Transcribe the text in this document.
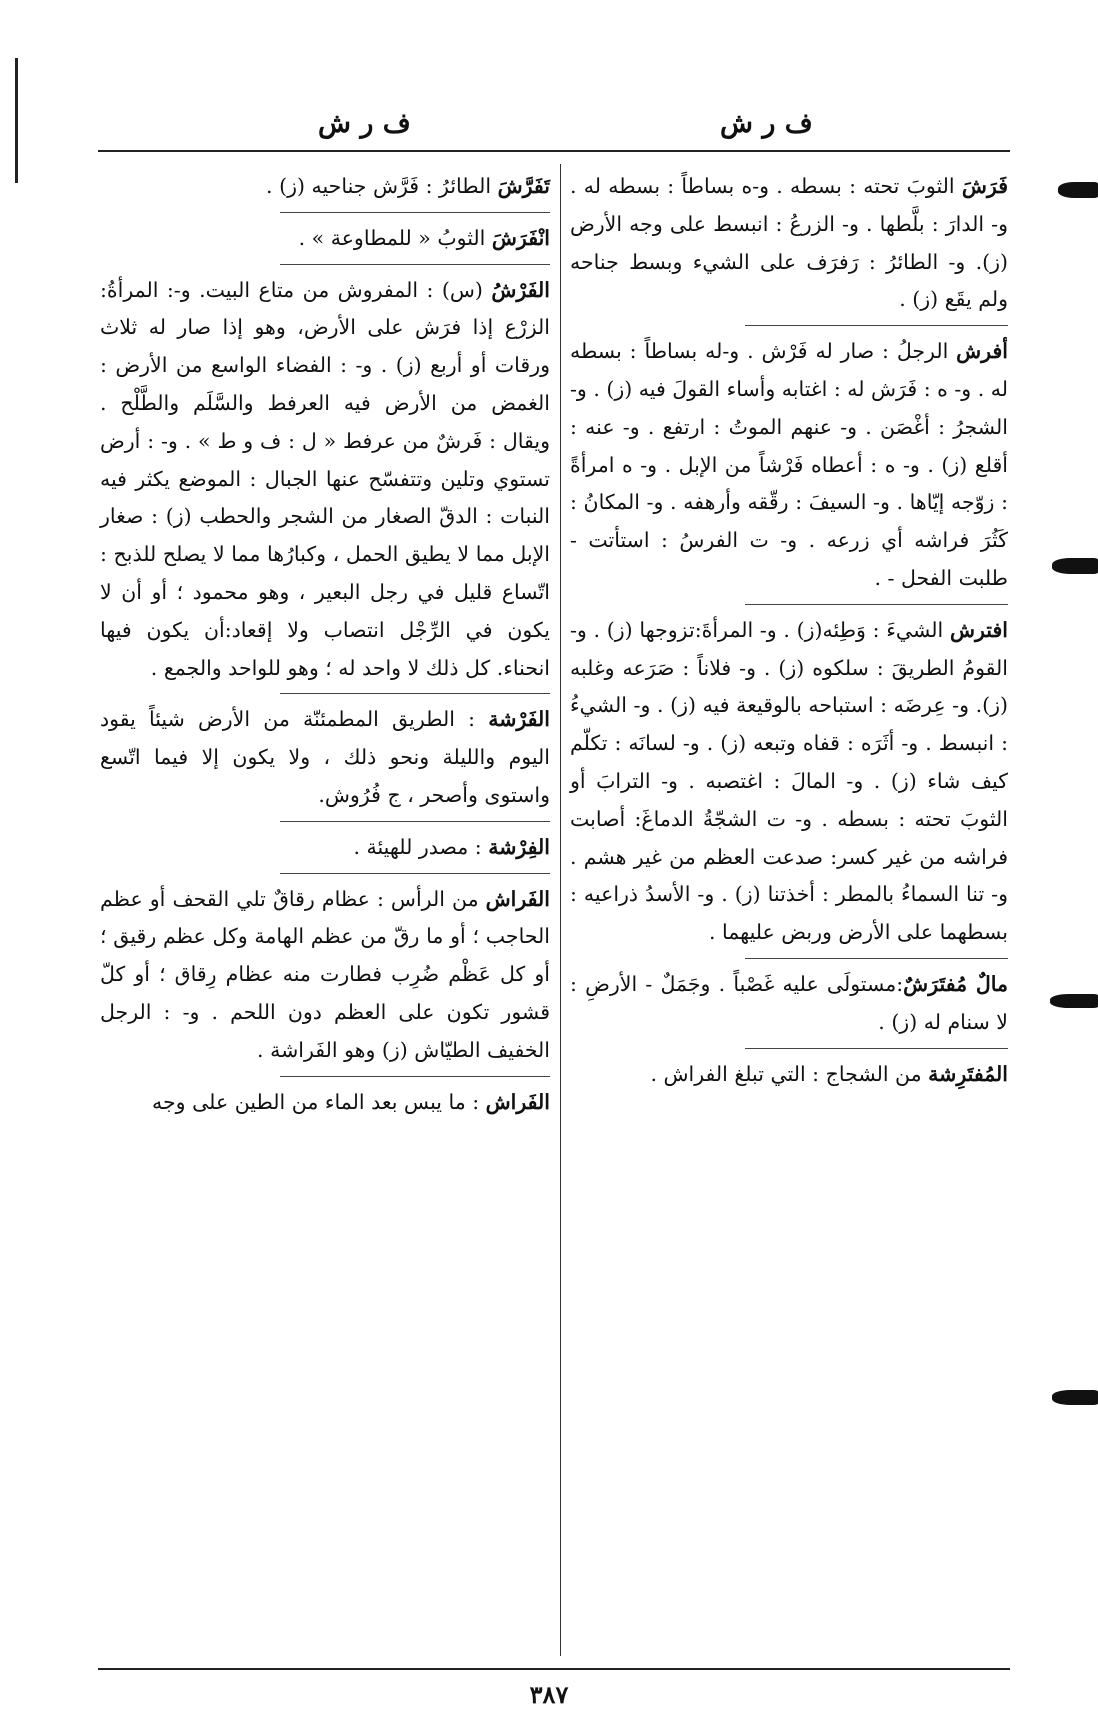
ف ر ش
ف ر ش

فَرَشَ الثوبَ تحته : بسطه . و-ه بساطاً : بسطه له . و- الدارَ : بلَّطها . و- الزرعُ : انبسط على وجه الأرض (ز). و- الطائرُ : رَفرَف على الشيء وبسط جناحه ولم يقَع (ز) .

أفرش الرجلُ : صار له فَرْش . و-له بساطاً : بسطه له . و- ه : فَرَش له : اغتابه وأساء القولَ فيه (ز) . و- الشجرُ : أغْصَن . و- عنهم الموتُ : ارتفع . و- عنه : أقلع (ز) . و- ه : أعطاه فَرْشاً من الإبل . و- ه امرأةً : زوّجه إيّاها . و- السيفَ : رقّقه وأرهفه . و- المكانُ : كَثُرَ فراشه أي زرعه . و- ت الفرسُ : استأتت - طلبت الفحل - .

افترش الشيءَ : وَطِئه(ز) . و- المرأةَ:تزوجها (ز) . و- القومُ الطريقَ : سلكوه (ز) . و- فلاناً : صَرَعه وغلبه (ز). و- عِرضَه : استباحه بالوقيعة فيه (ز) . و- الشيءُ : انبسط . و- أثَرَه : قفاه وتبعه (ز) . و- لسانَه : تكلّم كيف شاء (ز) . و- المالَ : اغتصبه . و- الترابَ أو الثوبَ تحته : بسطه . و- ت الشجّةُ الدماغَ: أصابت فراشه من غير كسر: صدعت العظم من غير هشم . و- تنا السماءُ بالمطر : أخذتنا (ز) . و- الأسدُ ذراعيه : بسطهما على الأرض وربض عليهما .

مالٌ مُفتَرَشٌ:مستولَى عليه غَصْباً . وجَمَلٌ - الأرضِ : لا سنام له (ز) .

المُفتَرِشة من الشجاج : التي تبلغ الفراش .

تَفَرَّشَ الطائرُ : فَرَّش جناحيه (ز) .

انْفَرَشَ الثوبُ « للمطاوعة » .

الفَرْشُ (س) : المفروش من متاع البيت. و-: المرأةُ: الزرْع إذا فرَش على الأرض، وهو إذا صار له ثلاث ورقات أو أربع (ز) . و- : الفضاء الواسع من الأرض : الغمض من الأرض فيه العرفط والسَّلَم والطَّلْح . ويقال : فَرشٌ من عرفط « ل : ف و ط » . و- : أرض تستوي وتلين وتتفسّح عنها الجبال : الموضع يكثر فيه النبات : الدقّ الصغار من الشجر والحطب (ز) : صغار الإبل مما لا يطيق الحمل ، وكبارُها مما لا يصلح للذبح : اتّساع قليل في رجل البعير ، وهو محمود ؛ أو أن لا يكون في الرِّجْل انتصاب ولا إقعاد:أن يكون فيها انحناء. كل ذلك لا واحد له ؛ وهو للواحد والجمع .

الفَرْشة : الطريق المطمئنّة من الأرض شيئاً يقود اليوم والليلة ونحو ذلك ، ولا يكون إلا فيما اتّسع واستوى وأصحر ، ج فُرُوش.

الفِرْشة : مصدر للهيئة .

الفَراش من الرأس : عظام رقاقٌ تلي القحف أو عظم الحاجب ؛ أو ما رقّ من عظم الهامة وكل عظم رقيق ؛ أو كل عَظْم ضُرِب فطارت منه عظام رِقاق ؛ أو كلّ قشور تكون على العظم دون اللحم . و- : الرجل الخفيف الطيّاش (ز) وهو الفَراشة .

الفَراش : ما يبس بعد الماء من الطين على وجه

٣٨٧
